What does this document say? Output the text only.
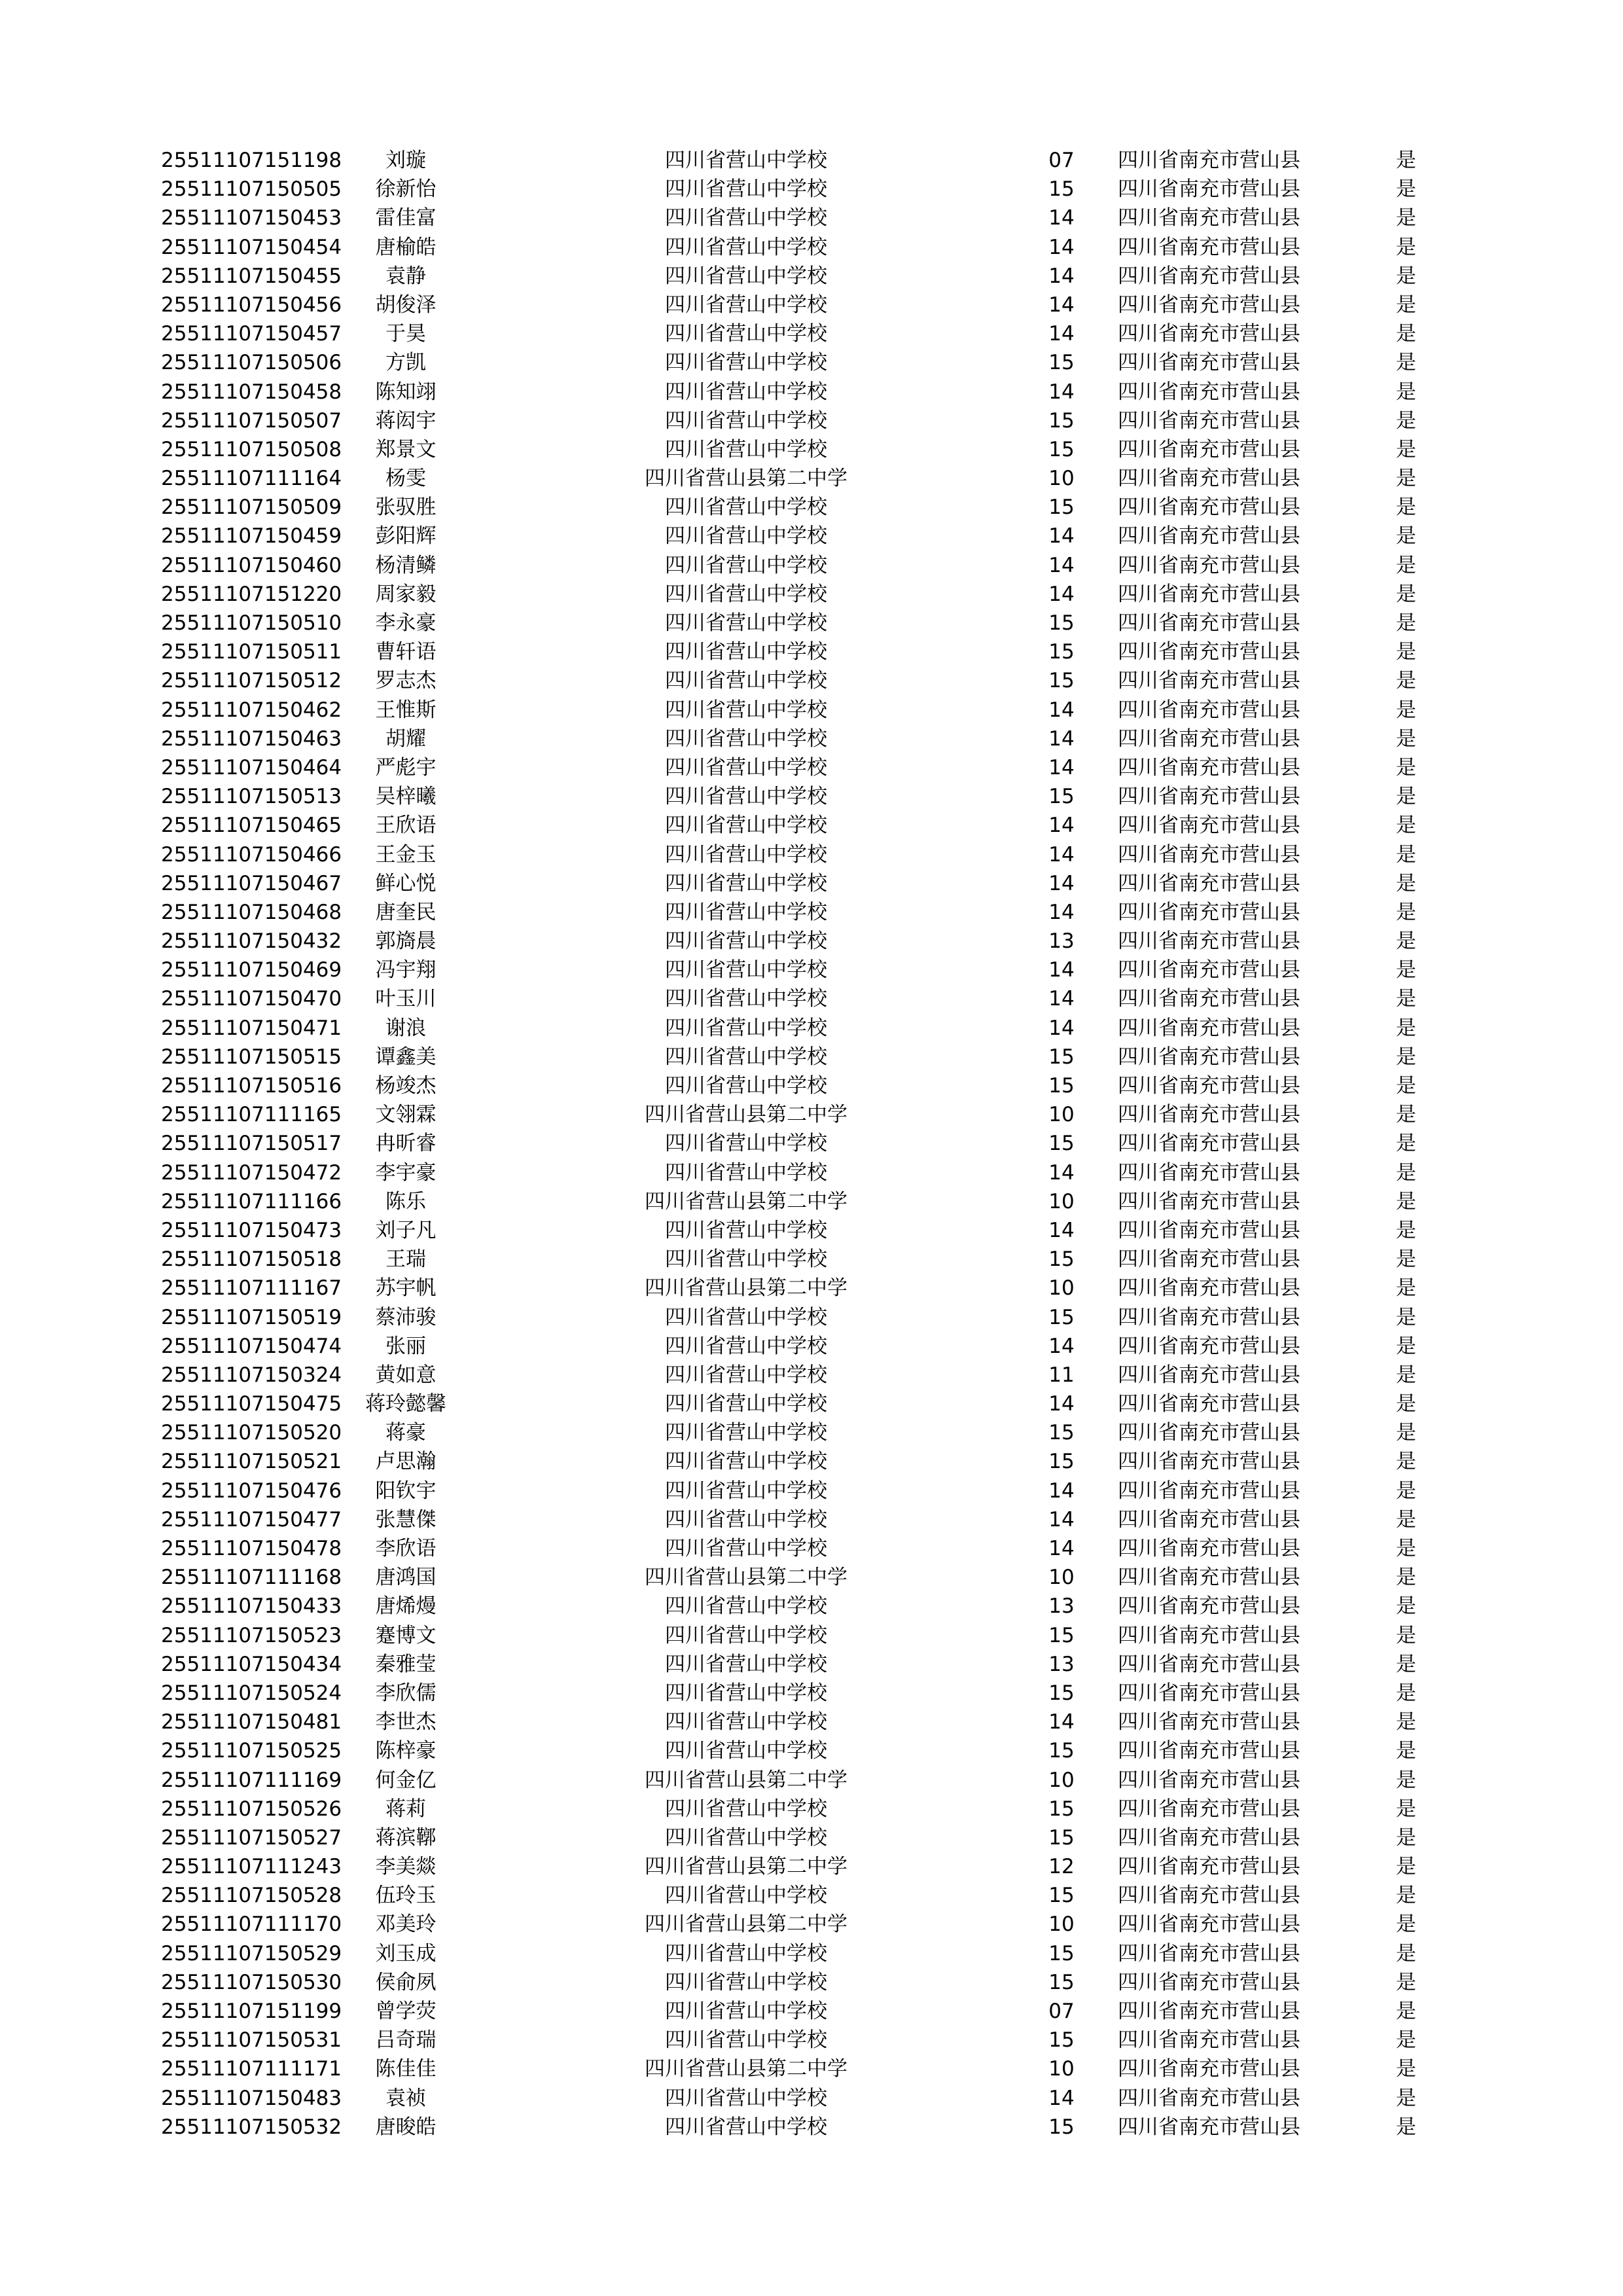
25511107151198 刘璇	四川省营山中学校	07 四川省南充市营山县	是
25511107150505 徐新怡	四川省营山中学校	15 四川省南充市营山县	是
25511107150453 雷佳富	四川省营山中学校	14 四川省南充市营山县	是
25511107150454 唐榆皓	四川省营山中学校	14 四川省南充市营山县	是
25511107150455 袁静	四川省营山中学校	14 四川省南充市营山县	是
25511107150456 胡俊泽	四川省营山中学校	14 四川省南充市营山县	是
25511107150457 于昊	四川省营山中学校	14 四川省南充市营山县	是
25511107150506 方凯	四川省营山中学校	15 四川省南充市营山县	是
25511107150458 陈知翊	四川省营山中学校	14 四川省南充市营山县	是
25511107150507 蒋闳宇	四川省营山中学校	15 四川省南充市营山县	是
25511107150508 郑景文	四川省营山中学校	15 四川省南充市营山县	是
25511107111164 杨雯	四川省营山县第二中学	10 四川省南充市营山县	是
25511107150509 张驭胜	四川省营山中学校	15 四川省南充市营山县	是
25511107150459 彭阳辉	四川省营山中学校	14 四川省南充市营山县	是
25511107150460 杨清鳞	四川省营山中学校	14 四川省南充市营山县	是
25511107151220 周家毅	四川省营山中学校	14 四川省南充市营山县	是
25511107150510 李永豪	四川省营山中学校	15 四川省南充市营山县	是
25511107150511 曹轩语	四川省营山中学校	15 四川省南充市营山县	是
25511107150512 罗志杰	四川省营山中学校	15 四川省南充市营山县	是
25511107150462 王惟斯	四川省营山中学校	14 四川省南充市营山县	是
25511107150463 胡耀	四川省营山中学校	14 四川省南充市营山县	是
25511107150464 严彪宇	四川省营山中学校	14 四川省南充市营山县	是
25511107150513 吴梓曦	四川省营山中学校	15 四川省南充市营山县	是
25511107150465 王欣语	四川省营山中学校	14 四川省南充市营山县	是
25511107150466 王金玉	四川省营山中学校	14 四川省南充市营山县	是
25511107150467 鲜心悦	四川省营山中学校	14 四川省南充市营山县	是
25511107150468 唐奎民	四川省营山中学校	14 四川省南充市营山县	是
25511107150432 郭旖晨	四川省营山中学校	13 四川省南充市营山县	是
25511107150469 冯宇翔	四川省营山中学校	14 四川省南充市营山县	是
25511107150470 叶玉川	四川省营山中学校	14 四川省南充市营山县	是
25511107150471 谢浪	四川省营山中学校	14 四川省南充市营山县	是
25511107150515 谭鑫美	四川省营山中学校	15 四川省南充市营山县	是
25511107150516 杨竣杰	四川省营山中学校	15 四川省南充市营山县	是
25511107111165 文翎霖	四川省营山县第二中学	10 四川省南充市营山县	是
25511107150517 冉昕睿	四川省营山中学校	15 四川省南充市营山县	是
25511107150472 李宇豪	四川省营山中学校	14 四川省南充市营山县	是
25511107111166 陈乐	四川省营山县第二中学	10 四川省南充市营山县	是
25511107150473 刘子凡	四川省营山中学校	14 四川省南充市营山县	是
25511107150518 王瑞	四川省营山中学校	15 四川省南充市营山县	是
25511107111167 苏宇帆	四川省营山县第二中学	10 四川省南充市营山县	是
25511107150519 蔡沛骏	四川省营山中学校	15 四川省南充市营山县	是
25511107150474 张丽	四川省营山中学校	14 四川省南充市营山县	是
25511107150324 黄如意	四川省营山中学校	11 四川省南充市营山县	是
25511107150475 蒋玲懿馨	四川省营山中学校	14 四川省南充市营山县	是
25511107150520 蒋豪	四川省营山中学校	15 四川省南充市营山县	是
25511107150521 卢思瀚	四川省营山中学校	15 四川省南充市营山县	是
25511107150476 阳钦宇	四川省营山中学校	14 四川省南充市营山县	是
25511107150477 张慧傑	四川省营山中学校	14 四川省南充市营山县	是
25511107150478 李欣语	四川省营山中学校	14 四川省南充市营山县	是
25511107111168 唐鸿国	四川省营山县第二中学	10 四川省南充市营山县	是
25511107150433 唐烯熳	四川省营山中学校	13 四川省南充市营山县	是
25511107150523 蹇博文	四川省营山中学校	15 四川省南充市营山县	是
25511107150434 秦雅莹	四川省营山中学校	13 四川省南充市营山县	是
25511107150524 李欣儒	四川省营山中学校	15 四川省南充市营山县	是
25511107150481 李世杰	四川省营山中学校	14 四川省南充市营山县	是
25511107150525 陈梓豪	四川省营山中学校	15 四川省南充市营山县	是
25511107111169 何金亿	四川省营山县第二中学	10 四川省南充市营山县	是
25511107150526 蒋莉	四川省营山中学校	15 四川省南充市营山县	是
25511107150527 蒋滨鞹	四川省营山中学校	15 四川省南充市营山县	是
25511107111243 李美燚	四川省营山县第二中学	12 四川省南充市营山县	是
25511107150528 伍玲玉	四川省营山中学校	15 四川省南充市营山县	是
25511107111170 邓美玲	四川省营山县第二中学	10 四川省南充市营山县	是
25511107150529 刘玉成	四川省营山中学校	15 四川省南充市营山县	是
25511107150530 侯俞夙	四川省营山中学校	15 四川省南充市营山县	是
25511107151199 曾学荧	四川省营山中学校	07 四川省南充市营山县	是
25511107150531 吕奇瑞	四川省营山中学校	15 四川省南充市营山县	是
25511107111171 陈佳佳	四川省营山县第二中学	10 四川省南充市营山县	是
25511107150483 袁祯	四川省营山中学校	14 四川省南充市营山县	是
25511107150532 唐晙皓	四川省营山中学校	15 四川省南充市营山县	是
